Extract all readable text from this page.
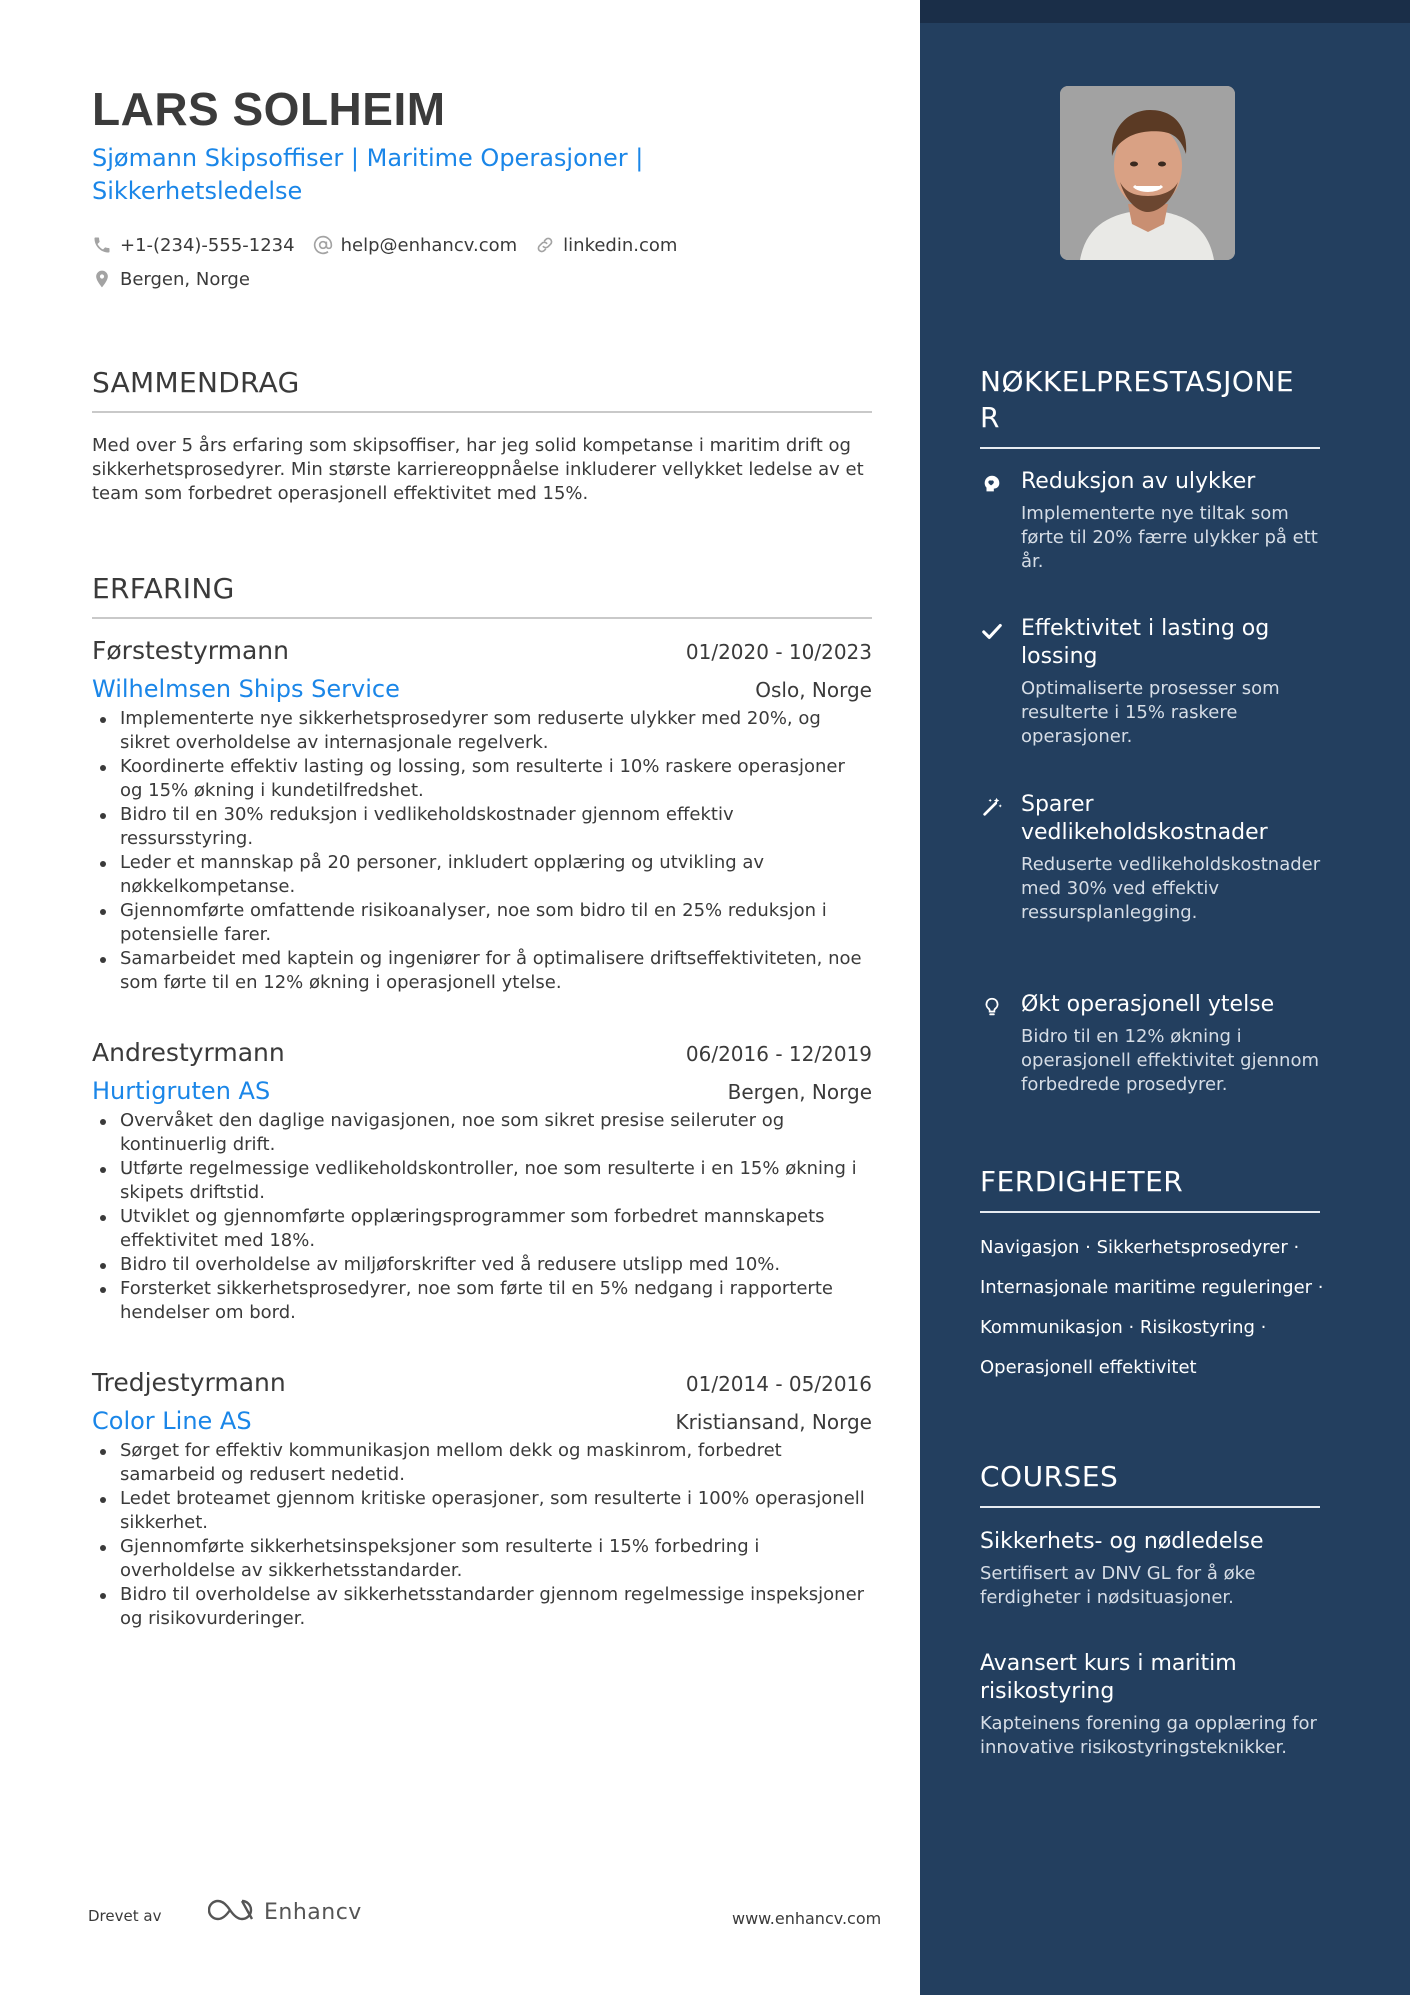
LARS SOLHEIM
Sjømann Skipsoffiser | Maritime Operasjoner |
Sikkerhetsledelse
+1-(234)-555-1234	help@enhancv.com	linkedin.com
Bergen, Norge
SAMMENDRAG
Med over 5 års erfaring som skipsoffiser, har jeg solid kompetanse i maritim drift og sikkerhetsprosedyrer. Min største karriereoppnåelse inkluderer vellykket ledelse av et team som forbedret operasjonell effektivitet med 15%.
ERFARING
Førstestyrmann	01/2020 - 10/2023
Wilhelmsen Ships Service	Oslo, Norge
Implementerte nye sikkerhetsprosedyrer som reduserte ulykker med 20%, og sikret overholdelse av internasjonale regelverk.
Koordinerte effektiv lasting og lossing, som resulterte i 10% raskere operasjoner og 15% økning i kundetilfredshet.
Bidro til en 30% reduksjon i vedlikeholdskostnader gjennom effektiv ressursstyring.
Leder et mannskap på 20 personer, inkludert opplæring og utvikling av nøkkelkompetanse.
Gjennomførte omfattende risikoanalyser, noe som bidro til en 25% reduksjon i potensielle farer.
Samarbeidet med kaptein og ingeniører for å optimalisere driftseffektiviteten, noe som førte til en 12% økning i operasjonell ytelse.
Andrestyrmann	06/2016 - 12/2019
Hurtigruten AS	Bergen, Norge
Overvåket den daglige navigasjonen, noe som sikret presise seileruter og kontinuerlig drift.
Utførte regelmessige vedlikeholdskontroller, noe som resulterte i en 15% økning i skipets driftstid.
Utviklet og gjennomførte opplæringsprogrammer som forbedret mannskapets effektivitet med 18%.
Bidro til overholdelse av miljøforskrifter ved å redusere utslipp med 10%.
Forsterket sikkerhetsprosedyrer, noe som førte til en 5% nedgang i rapporterte hendelser om bord.
Tredjestyrmann	01/2014 - 05/2016
Color Line AS	Kristiansand, Norge
Sørget for effektiv kommunikasjon mellom dekk og maskinrom, forbedret samarbeid og redusert nedetid.
Ledet broteamet gjennom kritiske operasjoner, som resulterte i 100% operasjonell sikkerhet.
Gjennomførte sikkerhetsinspeksjoner som resulterte i 15% forbedring i overholdelse av sikkerhetsstandarder.
Bidro til overholdelse av sikkerhetsstandarder gjennom regelmessige inspeksjoner og risikovurderinger.
Drevet av	Enhancv	www.enhancv.com
NØKKELPRESTASJONE
R
Reduksjon av ulykker
Implementerte nye tiltak som førte til 20% færre ulykker på ett år.
Effektivitet i lasting og lossing
Optimaliserte prosesser som resulterte i 15% raskere operasjoner.
Sparer vedlikeholdskostnader
Reduserte vedlikeholdskostnader med 30% ved effektiv ressursplanlegging.
Økt operasjonell ytelse
Bidro til en 12% økning i operasjonell effektivitet gjennom forbedrede prosedyrer.
FERDIGHETER
Navigasjon · Sikkerhetsprosedyrer ·
Internasjonale maritime reguleringer ·
Kommunikasjon · Risikostyring ·
Operasjonell effektivitet
COURSES
Sikkerhets- og nødledelse
Sertifisert av DNV GL for å øke ferdigheter i nødsituasjoner.
Avansert kurs i maritim risikostyring
Kapteinens forening ga opplæring for innovative risikostyringsteknikker.
